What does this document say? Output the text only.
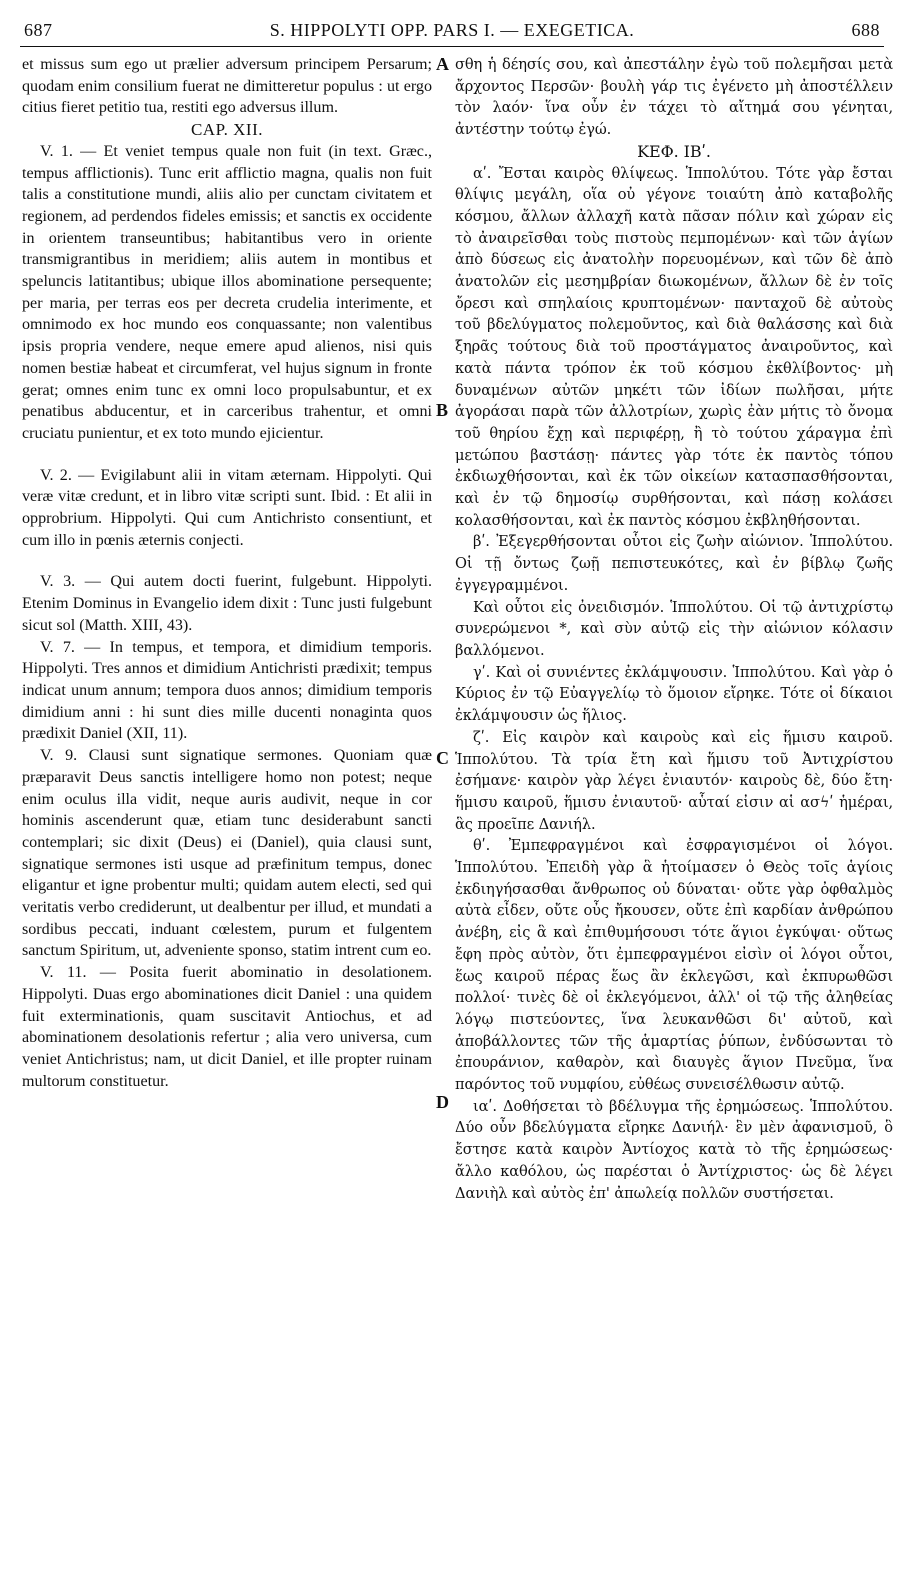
687	S. HIPPOLYTI OPP. PARS I. — EXEGETICA.	688

et missus sum ego ut prælier adversum principem Persarum; quodam enim consilium fuerat ne dimitteretur populus : ut ergo citius fieret petitio tua, restiti ego adversus illum.

CAP. XII.

V. 1. — Et veniet tempus quale non fuit (in text. Græc., tempus afflictionis). Tunc erit afflictio magna, qualis non fuit talis a constitutione mundi, aliis alio per cunctam civitatem et regionem, ad perdendos fideles emissis; et sanctis ex occidente in orientem transeuntibus; habitantibus vero in oriente transmigrantibus in meridiem; aliis autem in montibus et speluncis latitantibus; ubique illos abominatione persequente; per maria, per terras eos per decreta crudelia interimente, et omnimodo ex hoc mundo eos conquassante; non valentibus ipsis propria vendere, neque emere apud alienos, nisi quis nomen bestiæ habeat et circumferat, vel hujus signum in fronte gerat; omnes enim tunc ex omni loco propulsabuntur, et ex penatibus abducentur, et in carceribus trahentur, et omni cruciatu punientur, et ex toto mundo ejicientur.

V. 2. — Evigilabunt alii in vitam æternam. Hippolyti. Qui veræ vitæ credunt, et in libro vitæ scripti sunt. Ibid. : Et alii in opprobrium. Hippolyti. Qui cum Antichristo consentiunt, et cum illo in pœnis æternis conjecti.

V. 3. — Qui autem docti fuerint, fulgebunt. Hippolyti. Etenim Dominus in Evangelio idem dixit : Tunc justi fulgebunt sicut sol (Matth. XIII, 43).

V. 7. — In tempus, et tempora, et dimidium temporis. Hippolyti. Tres annos et dimidium Antichristi prædixit; tempus indicat unum annum; tempora duos annos; dimidium temporis dimidium anni : hi sunt dies mille ducenti nonaginta quos prædixit Daniel (XII, 11).

V. 9. Clausi sunt signatique sermones. Quoniam quæ præparavit Deus sanctis intelligere homo non potest; neque enim oculus illa vidit, neque auris audivit, neque in cor hominis ascenderunt quæ, etiam tunc desiderabunt sancti contemplari; sic dixit (Deus) ei (Daniel), quia clausi sunt, signatique sermones isti usque ad præfinitum tempus, donec eligantur et igne probentur multi; quidam autem electi, sed qui veritatis verbo crediderunt, ut dealbentur per illud, et mundati a sordibus peccati, induant cœlestem, purum et fulgentem sanctum Spiritum, ut, adveniente sponso, statim intrent cum eo.

V. 11. — Posita fuerit abominatio in desolationem. Hippolyti. Duas ergo abominationes dicit Daniel : una quidem fuit exterminationis, quam suscitavit Antiochus, et ad abominationem desolationis refertur ; alia vero universa, cum veniet Antichristus; nam, ut dicit Daniel, et ille propter ruinam multorum constituetur.

A
B
C
D

σθη ἡ δέησίς σου, καὶ ἀπεστάλην ἐγὼ τοῦ πολεμῆσαι μετὰ ἄρχοντος Περσῶν· βουλὴ γάρ τις ἐγένετο μὴ ἀποστέλλειν τὸν λαόν· ἵνα οὖν ἐν τάχει τὸ αἴτημά σου γένηται, ἀντέστην τούτῳ ἐγώ.

ΚΕΦ. ΙΒʹ.

αʹ. Ἔσται καιρὸς θλίψεως. Ἱππολύτου. Τότε γὰρ ἔσται θλίψις μεγάλη, οἵα οὐ γέγονε τοιαύτη ἀπὸ καταβολῆς κόσμου, ἄλλων ἀλλαχῆ κατὰ πᾶσαν πόλιν καὶ χώραν εἰς τὸ ἀναιρεῖσθαι τοὺς πιστοὺς πεμπομένων· καὶ τῶν ἁγίων ἀπὸ δύσεως εἰς ἀνατολὴν πορευομένων, καὶ τῶν δὲ ἀπὸ ἀνατολῶν εἰς μεσημβρίαν διωκομένων, ἄλλων δὲ ἐν τοῖς ὄρεσι καὶ σπηλαίοις κρυπτομένων· πανταχοῦ δὲ αὐτοὺς τοῦ βδελύγματος πολεμοῦντος, καὶ διὰ θαλάσσης καὶ διὰ ξηρᾶς τούτους διὰ τοῦ προστάγματος ἀναιροῦντος, καὶ κατὰ πάντα τρόπον ἐκ τοῦ κόσμου ἐκθλίβοντος· μὴ δυναμένων αὐτῶν μηκέτι τῶν ἰδίων πωλῆσαι, μήτε ἀγοράσαι παρὰ τῶν ἀλλοτρίων, χωρὶς ἐὰν μήτις τὸ ὄνομα τοῦ θηρίου ἔχῃ καὶ περιφέρῃ, ἢ τὸ τούτου χάραγμα ἐπὶ μετώπου βαστάσῃ· πάντες γὰρ τότε ἐκ παντὸς τόπου ἐκδιωχθήσονται, καὶ ἐκ τῶν οἰκείων κατασπασθήσονται, καὶ ἐν τῷ δημοσίῳ συρθήσονται, καὶ πάσῃ κολάσει κολασθήσονται, καὶ ἐκ παντὸς κόσμου ἐκβληθήσονται.

βʹ. Ἐξεγερθήσονται οὗτοι εἰς ζωὴν αἰώνιον. Ἱππολύτου. Οἱ τῇ ὄντως ζωῇ πεπιστευκότες, καὶ ἐν βίβλῳ ζωῆς ἐγγεγραμμένοι.

Καὶ οὗτοι εἰς ὀνειδισμόν. Ἱππολύτου. Οἱ τῷ ἀντιχρίστῳ συνερώμενοι *, καὶ σὺν αὐτῷ εἰς τὴν αἰώνιον κόλασιν βαλλόμενοι.

γʹ. Καὶ οἱ συνιέντες ἐκλάμψουσιν. Ἱππολύτου. Καὶ γὰρ ὁ Κύριος ἐν τῷ Εὐαγγελίῳ τὸ ὅμοιον εἴρηκε. Τότε οἱ δίκαιοι ἐκλάμψουσιν ὡς ἥλιος.

ζʹ. Εἰς καιρὸν καὶ καιροὺς καὶ εἰς ἥμισυ καιροῦ. Ἱππολύτου. Τὰ τρία ἔτη καὶ ἥμισυ τοῦ Ἀντιχρίστου ἐσήμανε· καιρὸν γὰρ λέγει ἐνιαυτόν· καιροὺς δὲ, δύο ἔτη· ἥμισυ καιροῦ, ἥμισυ ἐνιαυτοῦ· αὗταί εἰσιν αἱ ασϟʹ ἡμέραι, ἃς προεῖπε Δανιήλ.

θʹ. Ἐμπεφραγμένοι καὶ ἐσφραγισμένοι οἱ λόγοι. Ἱππολύτου. Ἐπειδὴ γὰρ ἃ ἡτοίμασεν ὁ Θεὸς τοῖς ἁγίοις ἐκδιηγήσασθαι ἄνθρωπος οὐ δύναται· οὔτε γὰρ ὀφθαλμὸς αὐτὰ εἶδεν, οὔτε οὖς ἤκουσεν, οὔτε ἐπὶ καρδίαν ἀνθρώπου ἀνέβη, εἰς ἃ καὶ ἐπιθυμήσουσι τότε ἅγιοι ἐγκύψαι· οὕτως ἔφη πρὸς αὐτὸν, ὅτι ἐμπεφραγμένοι εἰσὶν οἱ λόγοι οὗτοι, ἕως καιροῦ πέρας ἕως ἂν ἐκλεγῶσι, καὶ ἐκπυρωθῶσι πολλοί· τινὲς δὲ οἱ ἐκλεγόμενοι, ἀλλ' οἱ τῷ τῆς ἀληθείας λόγῳ πιστεύοντες, ἵνα λευκανθῶσι δι' αὐτοῦ, καὶ ἀποβάλλοντες τῶν τῆς ἁμαρτίας ῥύπων, ἐνδύσωνται τὸ ἐπουράνιον, καθαρὸν, καὶ διαυγὲς ἅγιον Πνεῦμα, ἵνα παρόντος τοῦ νυμφίου, εὐθέως συνεισέλθωσιν αὐτῷ.

ιαʹ. Δοθήσεται τὸ βδέλυγμα τῆς ἐρημώσεως. Ἱππολύτου. Δύο οὖν βδελύγματα εἴρηκε Δανιήλ· ἓν μὲν ἀφανισμοῦ, ὃ ἔστησε κατὰ καιρὸν Ἀντίοχος κατὰ τὸ τῆς ἐρημώσεως· ἄλλο καθόλου, ὡς παρέσται ὁ Ἀντίχριστος· ὡς δὲ λέγει Δανιὴλ καὶ αὐτὸς ἐπ' ἀπωλείᾳ πολλῶν συστήσεται.
